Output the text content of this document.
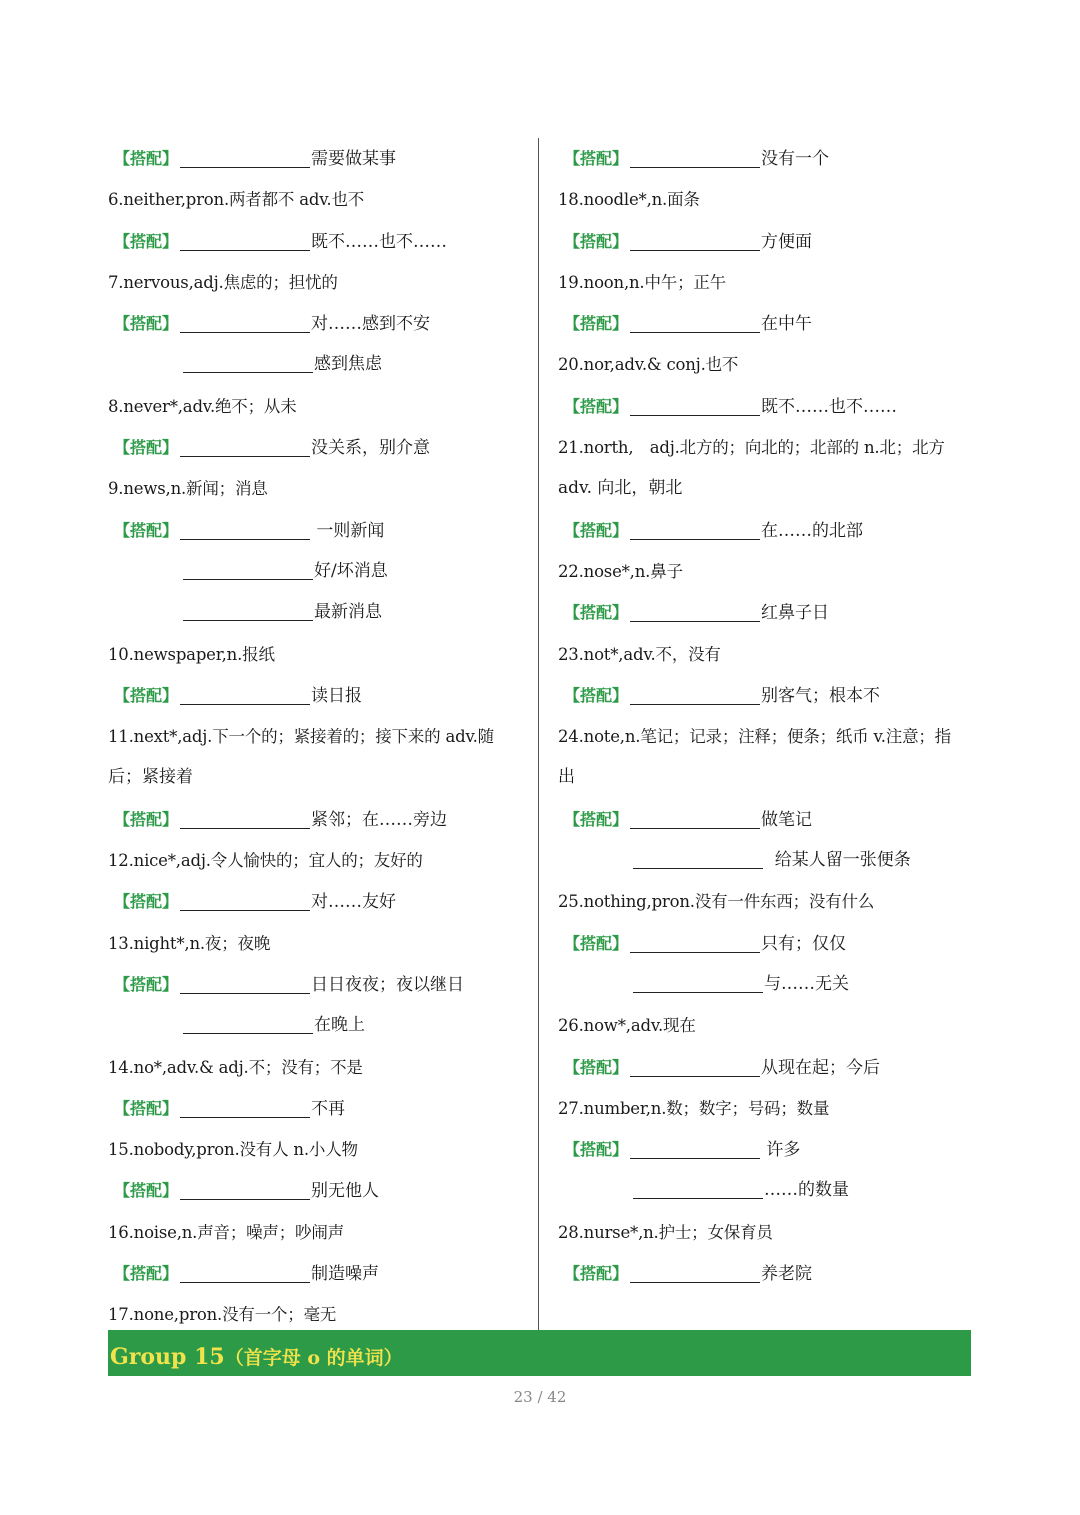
【搭配】	需要做某事
6.neither,pron.两者都不 adv.也不
【搭配】	既不……也不……
7.nervous,adj.焦虑的；担忧的
【搭配】	对……感到不安
感到焦虑
8.never*,adv.绝不；从未
【搭配】	没关系，别介意
9.news,n.新闻；消息
【搭配】	一则新闻
好/坏消息
最新消息
10.newspaper,n.报纸
【搭配】	读日报
11.next*,adj.下一个的；紧接着的；接下来的 adv.随
后；紧接着
【搭配】	紧邻；在……旁边
12.nice*,adj.令人愉快的；宜人的；友好的
【搭配】	对……友好
13.night*,n.夜；夜晚
【搭配】	日日夜夜；夜以继日
在晚上
14.no*,adv.& adj.不；没有；不是
【搭配】	不再
15.nobody,pron.没有人 n.小人物
【搭配】	别无他人
16.noise,n.声音；噪声；吵闹声
【搭配】	制造噪声
17.none,pron.没有一个；毫无
【搭配】	没有一个
18.noodle*,n.面条
【搭配】	方便面
19.noon,n.中午；正午
【搭配】	在中午
20.nor,adv.& conj.也不
【搭配】	既不……也不……
21.north,　adj.北方的；向北的；北部的 n.北；北方
adv. 向北，朝北
【搭配】	在……的北部
22.nose*,n.鼻子
【搭配】	红鼻子日
23.not*,adv.不，没有
【搭配】	别客气；根本不
24.note,n.笔记；记录；注释；便条；纸币 v.注意；指
出
【搭配】	做笔记
给某人留一张便条
25.nothing,pron.没有一件东西；没有什么
【搭配】	只有；仅仅
与……无关
26.now*,adv.现在
【搭配】	从现在起；今后
27.number,n.数；数字；号码；数量
【搭配】	许多
……的数量
28.nurse*,n.护士；女保育员
【搭配】	养老院
Group 15（首字母 o 的单词）
23 / 42
